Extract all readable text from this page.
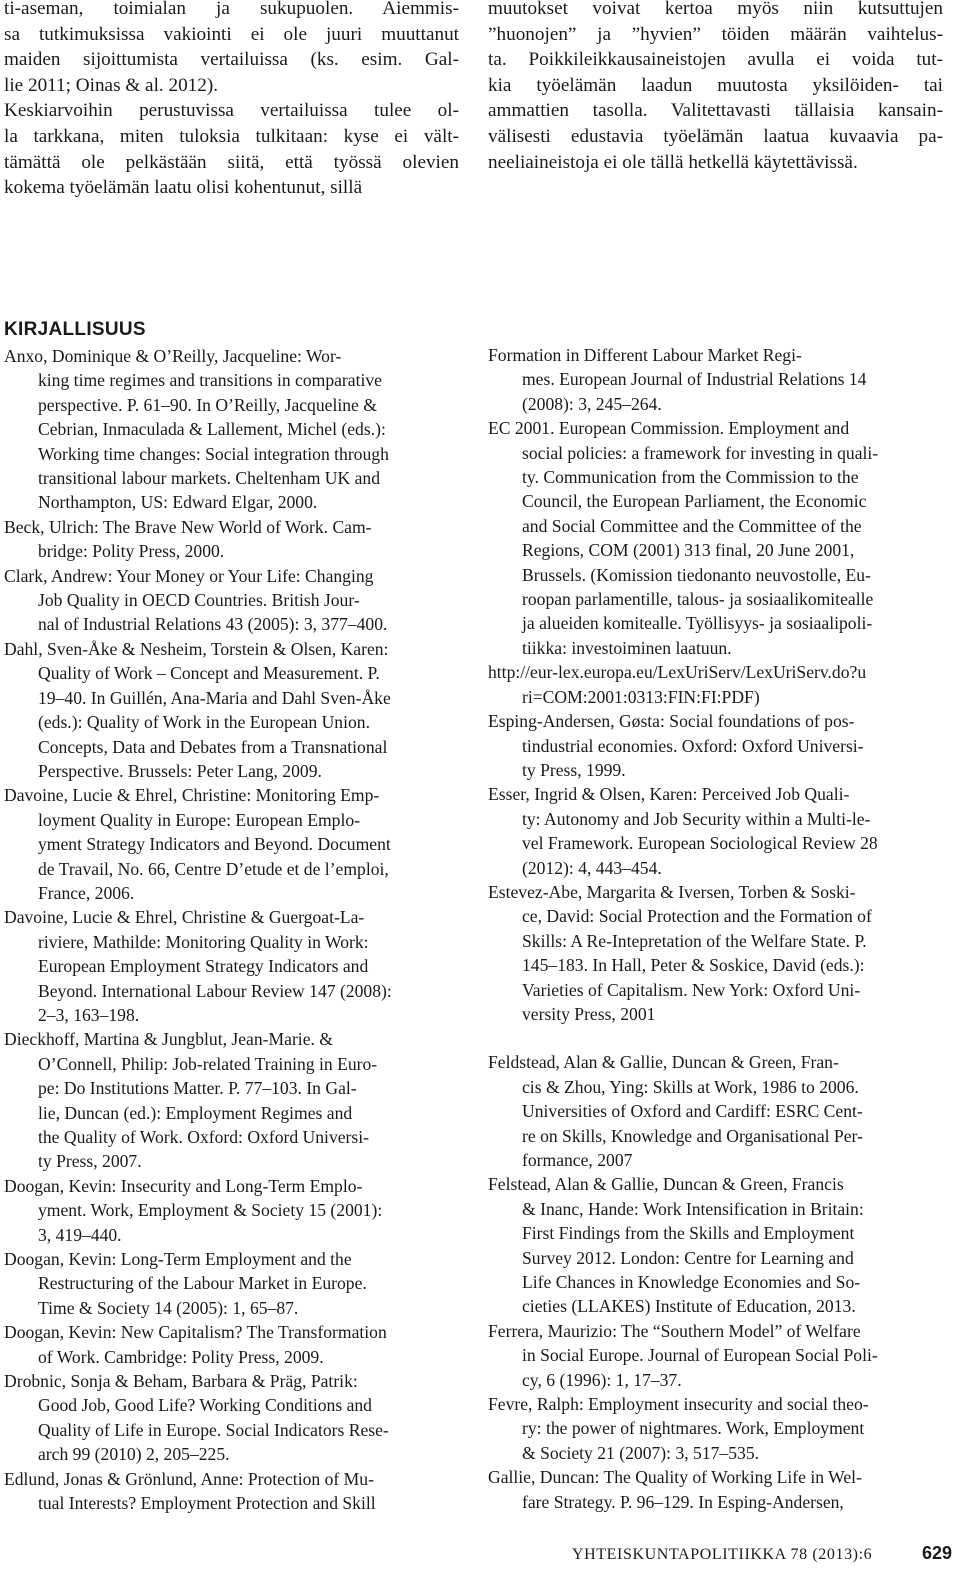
ti-aseman, toimialan ja sukupuolen. Aiemmis-
sa tutkimuksissa vakiointi ei ole juuri muuttanut
maiden sijoittumista vertailuissa (ks. esim. Gal-
lie 2011; Oinas & al. 2012).
Keskiarvoihin perustuvissa vertailuissa tulee ol-
la tarkkana, miten tuloksia tulkitaan: kyse ei vält-
tämättä ole pelkästään siitä, että työssä olevien
kokema työelämän laatu olisi kohentunut, sillä

muutokset voivat kertoa myös niin kutsuttujen
”huonojen” ja ”hyvien” töiden määrän vaihtelus-
ta. Poikkileikkausaineistojen avulla ei voida tut-
kia työelämän laadun muutosta yksilöiden- tai
ammattien tasolla. Valitettavasti tällaisia kansain-
välisesti edustavia työelämän laatua kuvaavia pa-
neeliaineistoja ei ole tällä hetkellä käytettävissä.

KIRJALLISUUS

Anxo, Dominique & O’Reilly, Jacqueline: Wor-
king time regimes and transitions in comparative
perspective. P. 61–90. In O’Reilly, Jacqueline &
Cebrian, Inmaculada & Lallement, Michel (eds.):
Working time changes: Social integration through
transitional labour markets. Cheltenham UK and
Northampton, US: Edward Elgar, 2000.

Beck, Ulrich: The Brave New World of Work. Cam-
bridge: Polity Press, 2000.

Clark, Andrew: Your Money or Your Life: Changing
Job Quality in OECD Countries. British Jour-
nal of Industrial Relations 43 (2005): 3, 377–400.

Dahl, Sven-Åke & Nesheim, Torstein & Olsen, Karen:
Quality of Work – Concept and Measurement. P.
19–40. In Guillén, Ana-Maria and Dahl Sven-Åke
(eds.): Quality of Work in the European Union.
Concepts, Data and Debates from a Transnational
Perspective. Brussels: Peter Lang, 2009.

Davoine, Lucie & Ehrel, Christine: Monitoring Emp-
loyment Quality in Europe: European Emplo-
yment Strategy Indicators and Beyond. Document
de Travail, No. 66, Centre D’etude et de l’emploi,
France, 2006.

Davoine, Lucie & Ehrel, Christine & Guergoat-La-
riviere, Mathilde: Monitoring Quality in Work:
European Employment Strategy Indicators and
Beyond. International Labour Review 147 (2008):
2–3, 163–198.

Dieckhoff, Martina & Jungblut, Jean-Marie. &
O’Connell, Philip: Job-related Training in Euro-
pe: Do Institutions Matter. P. 77–103. In Gal-
lie, Duncan (ed.): Employment Regimes and
the Quality of Work. Oxford: Oxford Universi-
ty Press, 2007.

Doogan, Kevin: Insecurity and Long-Term Emplo-
yment. Work, Employment & Society 15 (2001):
3, 419–440.

Doogan, Kevin: Long-Term Employment and the
Restructuring of the Labour Market in Europe.
Time & Society 14 (2005): 1, 65–87.

Doogan, Kevin: New Capitalism? The Transformation
of Work. Cambridge: Polity Press, 2009.

Drobnic, Sonja & Beham, Barbara & Präg, Patrik:
Good Job, Good Life? Working Conditions and
Quality of Life in Europe. Social Indicators Rese-
arch 99 (2010) 2, 205–225.

Edlund, Jonas & Grönlund, Anne: Protection of Mu-
tual Interests? Employment Protection and Skill

Formation in Different Labour Market Regi-
mes. European Journal of Industrial Relations 14
(2008): 3, 245–264.

EC 2001. European Commission. Employment and
social policies: a framework for investing in quali-
ty. Communication from the Commission to the
Council, the European Parliament, the Economic
and Social Committee and the Committee of the
Regions, COM (2001) 313 final, 20 June 2001,
Brussels. (Komission tiedonanto neuvostolle, Eu-
roopan parlamentille, talous- ja sosiaalikomitealle
ja alueiden komitealle. Työllisyys- ja sosiaalipoli-
tiikka: investoiminen laatuun.

http://eur-lex.europa.eu/LexUriServ/LexUriServ.do?u
ri=COM:2001:0313:FIN:FI:PDF)

Esping-Andersen, Gøsta: Social foundations of pos-
tindustrial economies. Oxford: Oxford Universi-
ty Press, 1999.

Esser, Ingrid & Olsen, Karen: Perceived Job Quali-
ty: Autonomy and Job Security within a Multi-le-
vel Framework. European Sociological Review 28
(2012): 4, 443–454.

Estevez-Abe, Margarita & Iversen, Torben & Soski-
ce, David: Social Protection and the Formation of
Skills: A Re-Intepretation of the Welfare State. P.
145–183. In Hall, Peter & Soskice, David (eds.):
Varieties of Capitalism. New York: Oxford Uni-
versity Press, 2001

Feldstead, Alan & Gallie, Duncan & Green, Fran-
cis & Zhou, Ying: Skills at Work, 1986 to 2006.
Universities of Oxford and Cardiff: ESRC Cent-
re on Skills, Knowledge and Organisational Per-
formance, 2007

Felstead, Alan & Gallie, Duncan & Green, Francis
& Inanc, Hande: Work Intensification in Britain:
First Findings from the Skills and Employment
Survey 2012. London: Centre for Learning and
Life Chances in Knowledge Economies and So-
cieties (LLAKES) Institute of Education, 2013.

Ferrera, Maurizio: The “Southern Model” of Welfare
in Social Europe. Journal of European Social Poli-
cy, 6 (1996): 1, 17–37.

Fevre, Ralph: Employment insecurity and social theo-
ry: the power of nightmares. Work, Employment
& Society 21 (2007): 3, 517–535.

Gallie, Duncan: The Quality of Working Life in Wel-
fare Strategy. P. 96–129. In Esping-Andersen,

YHTEISKUNTAPOLITIIKKA 78 (2013):6	629
